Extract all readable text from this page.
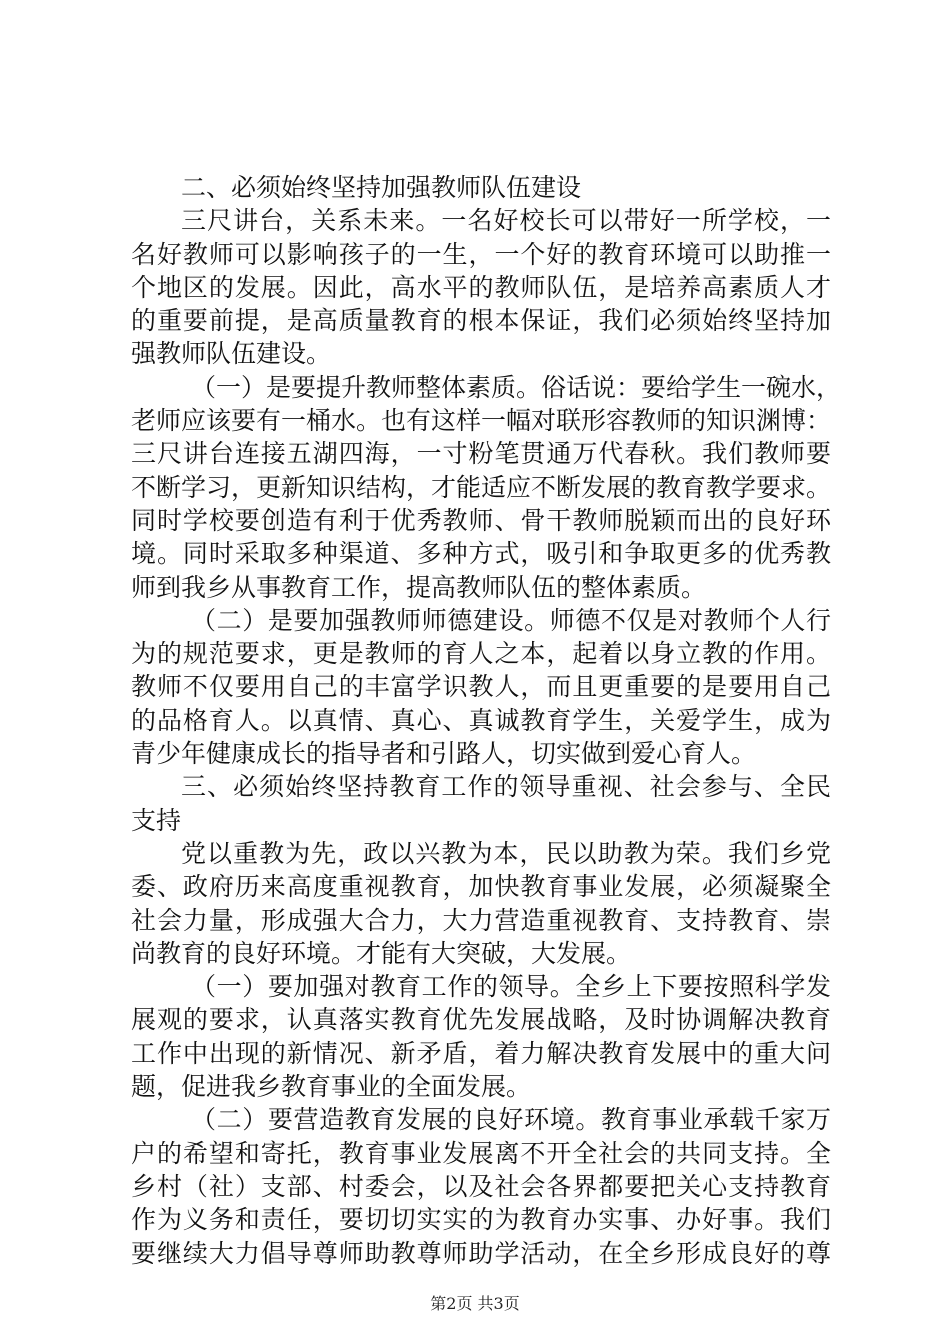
二、必须始终坚持加强教师队伍建设
三尺讲台，关系未来。一名好校长可以带好一所学校，一
名好教师可以影响孩子的一生，一个好的教育环境可以助推一
个地区的发展。因此，高水平的教师队伍，是培养高素质人才
的重要前提，是高质量教育的根本保证，我们必须始终坚持加
强教师队伍建设。
（一）是要提升教师整体素质。俗话说：要给学生一碗水，
老师应该要有一桶水。也有这样一幅对联形容教师的知识渊博：
三尺讲台连接五湖四海，一寸粉笔贯通万代春秋。我们教师要
不断学习，更新知识结构，才能适应不断发展的教育教学要求。
同时学校要创造有利于优秀教师、骨干教师脱颖而出的良好环
境。同时采取多种渠道、多种方式，吸引和争取更多的优秀教
师到我乡从事教育工作，提高教师队伍的整体素质。
（二）是要加强教师师德建设。师德不仅是对教师个人行
为的规范要求，更是教师的育人之本，起着以身立教的作用。
教师不仅要用自己的丰富学识教人，而且更重要的是要用自己
的品格育人。以真情、真心、真诚教育学生，关爱学生，成为
青少年健康成长的指导者和引路人，切实做到爱心育人。
三、必须始终坚持教育工作的领导重视、社会参与、全民
支持
党以重教为先，政以兴教为本，民以助教为荣。我们乡党
委、政府历来高度重视教育，加快教育事业发展，必须凝聚全
社会力量，形成强大合力，大力营造重视教育、支持教育、崇
尚教育的良好环境。才能有大突破，大发展。
（一）要加强对教育工作的领导。全乡上下要按照科学发
展观的要求，认真落实教育优先发展战略，及时协调解决教育
工作中出现的新情况、新矛盾，着力解决教育发展中的重大问
题，促进我乡教育事业的全面发展。
（二）要营造教育发展的良好环境。教育事业承载千家万
户的希望和寄托，教育事业发展离不开全社会的共同支持。全
乡村（社）支部、村委会，以及社会各界都要把关心支持教育
作为义务和责任，要切切实实的为教育办实事、办好事。我们
要继续大力倡导尊师助教尊师助学活动，在全乡形成良好的尊
第2页 共3页
